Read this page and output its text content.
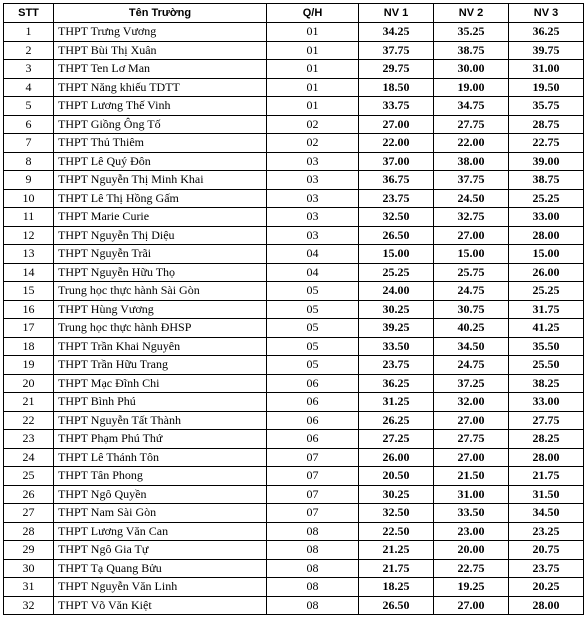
STT	Tên Trường	Q/H	NV 1	NV 2	NV 3
1	THPT Trưng Vương	01	34.25	35.25	36.25
2	THPT Bùi Thị Xuân	01	37.75	38.75	39.75
3	THPT Ten Lơ Man	01	29.75	30.00	31.00
4	THPT Năng khiếu TDTT	01	18.50	19.00	19.50
5	THPT Lương Thế Vinh	01	33.75	34.75	35.75
6	THPT Giồng Ông Tố	02	27.00	27.75	28.75
7	THPT Thủ Thiêm	02	22.00	22.00	22.75
8	THPT Lê Quý Đôn	03	37.00	38.00	39.00
9	THPT Nguyễn Thị Minh Khai	03	36.75	37.75	38.75
10	THPT Lê Thị Hồng Gấm	03	23.75	24.50	25.25
11	THPT Marie Curie	03	32.50	32.75	33.00
12	THPT Nguyễn Thị Diệu	03	26.50	27.00	28.00
13	THPT Nguyễn Trãi	04	15.00	15.00	15.00
14	THPT Nguyễn Hữu Thọ	04	25.25	25.75	26.00
15	Trung học thực hành Sài Gòn	05	24.00	24.75	25.25
16	THPT Hùng Vương	05	30.25	30.75	31.75
17	Trung học thực hành ĐHSP	05	39.25	40.25	41.25
18	THPT Trần Khai Nguyên	05	33.50	34.50	35.50
19	THPT Trần Hữu Trang	05	23.75	24.75	25.50
20	THPT Mạc Đĩnh Chi	06	36.25	37.25	38.25
21	THPT Bình Phú	06	31.25	32.00	33.00
22	THPT Nguyễn Tất Thành	06	26.25	27.00	27.75
23	THPT Phạm Phú Thứ	06	27.25	27.75	28.25
24	THPT Lê Thánh Tôn	07	26.00	27.00	28.00
25	THPT Tân Phong	07	20.50	21.50	21.75
26	THPT Ngô Quyền	07	30.25	31.00	31.50
27	THPT Nam Sài Gòn	07	32.50	33.50	34.50
28	THPT Lương Văn Can	08	22.50	23.00	23.25
29	THPT Ngô Gia Tự	08	21.25	20.00	20.75
30	THPT Tạ Quang Bửu	08	21.75	22.75	23.75
31	THPT Nguyễn Văn Linh	08	18.25	19.25	20.25
32	THPT Võ Văn Kiệt	08	26.50	27.00	28.00
